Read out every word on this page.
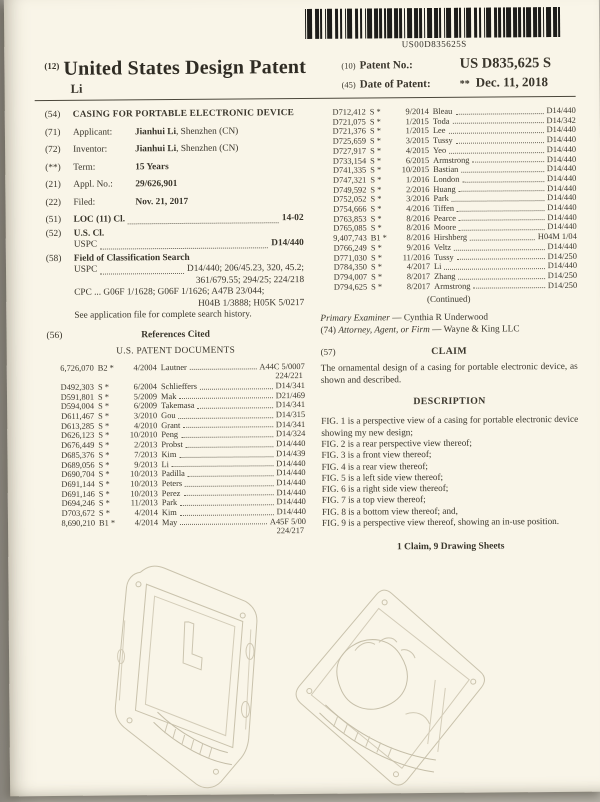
US00D835625S
$^{(12)}$ United States Design Patent
Li
(10) Patent No.:	US D835,625 S
(45) Date of Patent:	** Dec. 11, 2018
(54)	CASING FOR PORTABLE ELECTRONIC DEVICE
(71)	Applicant:	Jianhui Li, Shenzhen (CN)
(72)	Inventor:	Jianhui Li, Shenzhen (CN)
(**)	Term:	15 Years
(21)	Appl. No.:	29/626,901
(22)	Filed:	Nov. 21, 2017
(51)	LOC (11) Cl.	14-02
(52)	U.S. Cl.
USPC	D14/440
(58)	Field of Classification Search
USPC	D14/440; 206/45.23, 320, 45.2;
361/679.55; 294/25; 224/218
CPC ... G06F 1/1628; G06F 1/1626; A47B 23/044;
H04B 1/3888; H05K 5/0217
See application file for complete search history.
(56)	References Cited
U.S. PATENT DOCUMENTS
6,726,070 B2 *	4/2004 Lautner	A44C 5/0007
224/221
D492,303 S *	6/2004 Schlieffers	D14/341
D591,801 S *	5/2009 Mak	D21/469
D594,004 S *	6/2009 Takemasa	D14/341
D611,467 S *	3/2010 Gou	D14/315
D613,285 S *	4/2010 Grant	D14/341
D626,123 S *	10/2010 Peng	D14/324
D676,449 S *	2/2013 Probst	D14/440
D685,376 S *	7/2013 Kim	D14/439
D689,056 S *	9/2013 Li	D14/440
D690,704 S *	10/2013 Padilla	D14/440
D691,144 S *	10/2013 Peters	D14/440
D691,146 S *	10/2013 Perez	D14/440
D694,246 S *	11/2013 Park	D14/440
D703,672 S *	4/2014 Kim	D14/440
8,690,210 B1 *	4/2014 May	A45F 5/00
224/217
D712,412 S *	9/2014 Bleau	D14/440
D721,075 S *	1/2015 Toda	D14/342
D721,376 S *	1/2015 Lee	D14/440
D725,659 S *	3/2015 Tussy	D14/440
D727,917 S *	4/2015 Yeo	D14/440
D733,154 S *	6/2015 Armstrong	D14/440
D741,335 S *	10/2015 Bastian	D14/440
D747,321 S *	1/2016 London	D14/440
D749,592 S *	2/2016 Huang	D14/440
D752,052 S *	3/2016 Park	D14/440
D754,666 S *	4/2016 Tiffen	D14/440
D763,853 S *	8/2016 Pearce	D14/440
D765,085 S *	8/2016 Moore	D14/440
9,407,743 B1 *	8/2016 Hirshberg	H04M 1/04
D766,249 S *	9/2016 Veltz	D14/440
D771,030 S *	11/2016 Tussy	D14/250
D784,350 S *	4/2017 Li	D14/440
D794,007 S *	8/2017 Zhang	D14/250
D794,625 S *	8/2017 Armstrong	D14/250
(Continued)
Primary Examiner — Cynthia R Underwood
(74) Attorney, Agent, or Firm — Wayne & King LLC
(57)	CLAIM
The ornamental design of a casing for portable electronic device, as shown and described.
DESCRIPTION
FIG. 1 is a perspective view of a casing for portable electronic device showing my new design;
FIG. 2 is a rear perspective view thereof;
FIG. 3 is a front view thereof;
FIG. 4 is a rear view thereof;
FIG. 5 is a left side view thereof;
FIG. 6 is a right side view thereof;
FIG. 7 is a top view thereof;
FIG. 8 is a bottom view thereof; and,
FIG. 9 is a perspective view thereof, showing an in-use position.
1 Claim, 9 Drawing Sheets
